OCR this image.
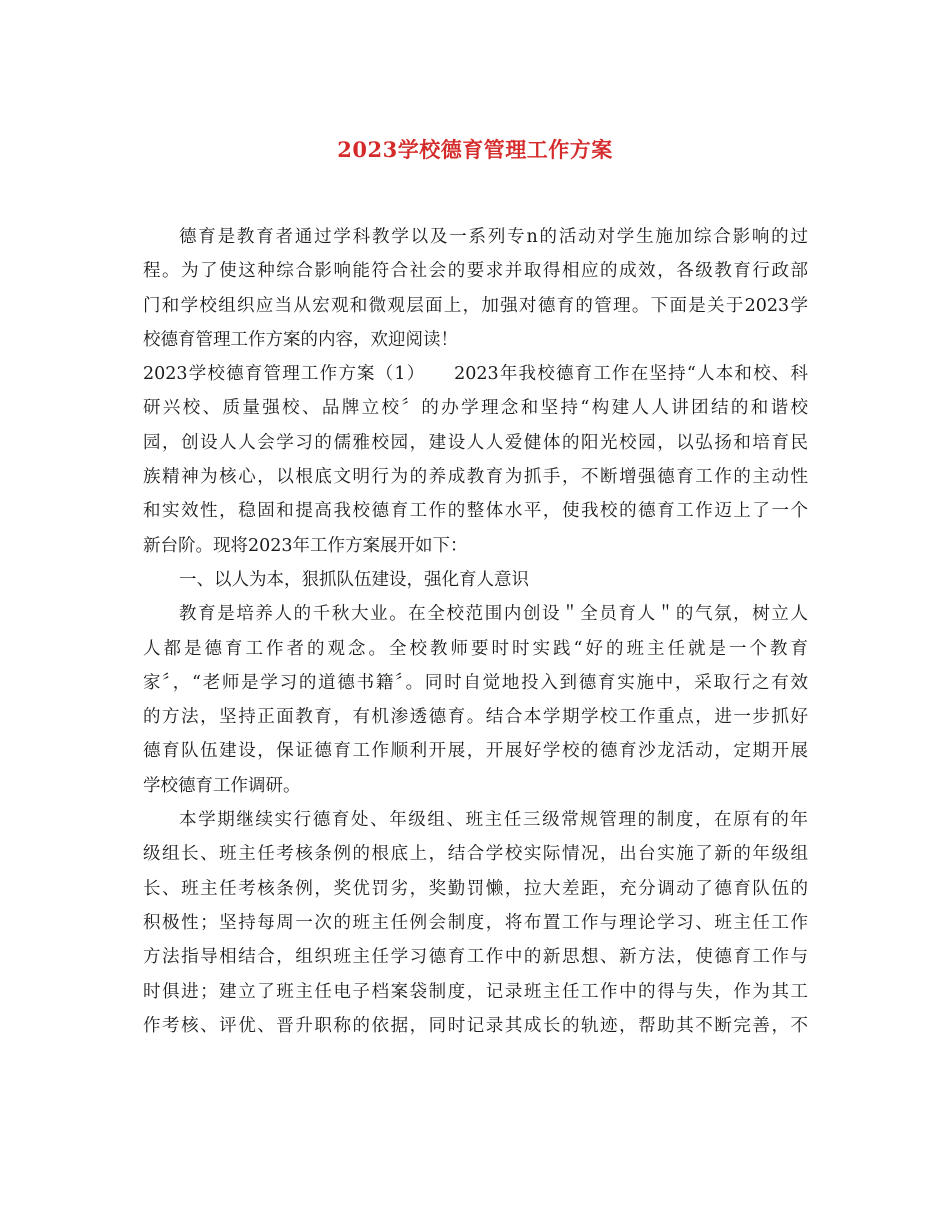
2023学校德育管理工作方案
德育是教育者通过学科教学以及一系列专n的活动对学生施加综合影响的过
程。为了使这种综合影响能符合社会的要求并取得相应的成效，各级教育行政部
门和学校组织应当从宏观和微观层面上，加强对德育的管理。下面是关于2023学
校德育管理工作方案的内容，欢迎阅读！
2023学校德育管理工作方案（1）　　2023年我校德育工作在坚持“人本和校、科
研兴校、质量强校、品牌立校〞的办学理念和坚持“构建人人讲团结的和谐校
园，创设人人会学习的儒雅校园，建设人人爱健体的阳光校园，以弘扬和培育民
族精神为核心，以根底文明行为的养成教育为抓手，不断增强德育工作的主动性
和实效性，稳固和提高我校德育工作的整体水平，使我校的德育工作迈上了一个
新台阶。现将2023年工作方案展开如下：
一、以人为本，狠抓队伍建设，强化育人意识
教育是培养人的千秋大业。在全校范围内创设＂全员育人＂的气氛，树立人
人都是德育工作者的观念。全校教师要时时实践“好的班主任就是一个教育
家〞，“老师是学习的道德书籍〞。同时自觉地投入到德育实施中，采取行之有效
的方法，坚持正面教育，有机渗透德育。结合本学期学校工作重点，进一步抓好
德育队伍建设，保证德育工作顺利开展，开展好学校的德育沙龙活动，定期开展
学校德育工作调研。
本学期继续实行德育处、年级组、班主任三级常规管理的制度，在原有的年
级组长、班主任考核条例的根底上，结合学校实际情况，出台实施了新的年级组
长、班主任考核条例，奖优罚劣，奖勤罚懒，拉大差距，充分调动了德育队伍的
积极性；坚持每周一次的班主任例会制度，将布置工作与理论学习、班主任工作
方法指导相结合，组织班主任学习德育工作中的新思想、新方法，使德育工作与
时俱进；建立了班主任电子档案袋制度，记录班主任工作中的得与失，作为其工
作考核、评优、晋升职称的依据，同时记录其成长的轨迹，帮助其不断完善，不
